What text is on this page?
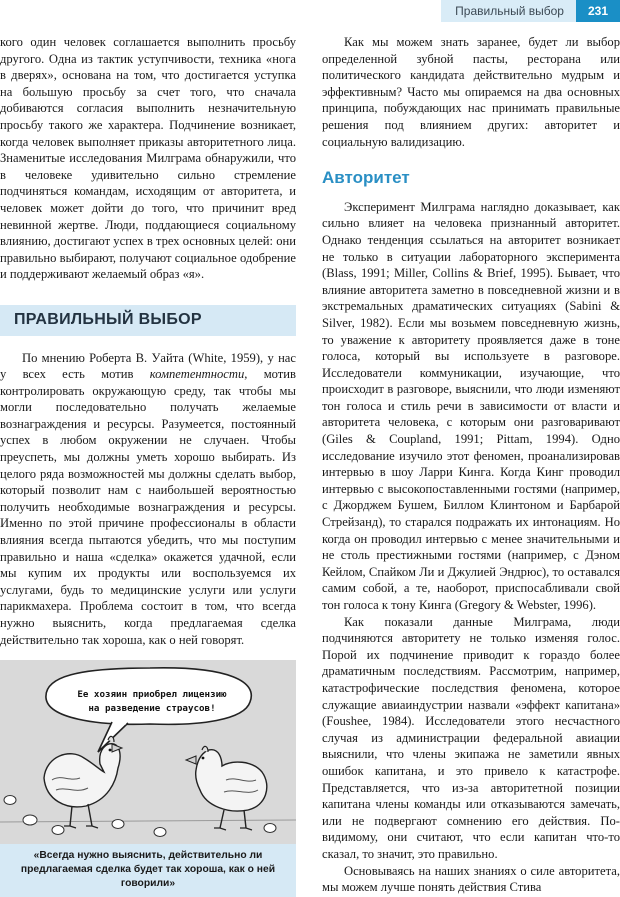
Правильный выбор	231

кого один человек соглашается выполнить просьбу другого. Одна из тактик уступчивости, техника «нога в дверях», основана на том, что достигается уступка на большую просьбу за счет того, что сначала добиваются согласия выполнить незначительную просьбу такого же характера. Подчинение возникает, когда человек выполняет приказы авторитетного лица. Знаменитые исследования Милграма обнаружили, что в человеке удивительно сильно стремление подчиняться командам, исходящим от авторитета, и человек может дойти до того, что причинит вред невинной жертве. Люди, поддающиеся социальному влиянию, достигают успех в трех основных целей: они правильно выбирают, получают социальное одобрение и поддерживают желаемый образ «я».

ПРАВИЛЬНЫЙ ВЫБОР

По мнению Роберта В. Уайта (White, 1959), у нас у всех есть мотив компетентности, мотив контролировать окружающую среду, так чтобы мы могли последовательно получать желаемые вознаграждения и ресурсы. Разумеется, постоянный успех в любом окружении не случаен. Чтобы преуспеть, мы должны уметь хорошо выбирать. Из целого ряда возможностей мы должны сделать выбор, который позволит нам с наибольшей вероятностью получить необходимые вознаграждения и ресурсы. Именно по этой причине профессионалы в области влияния всегда пытаются убедить, что мы поступим правильно и наша «сделка» окажется удачной, если мы купим их продукты или воспользуемся их услугами, будь то медицинские услуги или услуги парикмахера. Проблема состоит в том, что всегда нужно выяснить, когда предлагаемая сделка действительно так хороша, как о ней говорят.

Ее хозяин приобрел лицензию
на разведение страусов!
«Всегда нужно выяснить, действительно ли предлагаемая сделка будет так хороша, как о ней говорили»

Как мы можем знать заранее, будет ли выбор определенной зубной пасты, ресторана или политического кандидата действительно мудрым и эффективным? Часто мы опираемся на два основных принципа, побуждающих нас принимать правильные решения под влиянием других: авторитет и социальную валидизацию.

Авторитет

Эксперимент Милграма наглядно доказывает, как сильно влияет на человека признанный авторитет. Однако тенденция ссылаться на авторитет возникает не только в ситуации лабораторного эксперимента (Blass, 1991; Miller, Collins & Brief, 1995). Бывает, что влияние авторитета заметно в повседневной жизни и в экстремальных драматических ситуациях (Sabini & Silver, 1982). Если мы возьмем повседневную жизнь, то уважение к авторитету проявляется даже в тоне голоса, который вы используете в разговоре. Исследователи коммуникации, изучающие, что происходит в разговоре, выяснили, что люди изменяют тон голоса и стиль речи в зависимости от власти и авторитета человека, с которым они разговаривают (Giles & Coupland, 1991; Pittam, 1994). Одно исследование изучило этот феномен, проанализировав интервью в шоу Ларри Кинга. Когда Кинг проводил интервью с высокопоставленными гостями (например, с Джорджем Бушем, Биллом Клинтоном и Барбарой Стрейзанд), то старался подражать их интонациям. Но когда он проводил интервью с менее значительными и не столь престижными гостями (например, с Дэном Кейлом, Спайком Ли и Джулией Эндрюс), то оставался самим собой, а те, наоборот, приспосабливали свой тон голоса к тону Кинга (Gregory & Webster, 1996).

Как показали данные Милграма, люди подчиняются авторитету не только изменяя голос. Порой их подчинение приводит к гораздо более драматичным последствиям. Рассмотрим, например, катастрофические последствия феномена, которое служащие авиаиндустрии назвали «эффект капитана» (Foushee, 1984). Исследователи этого несчастного случая из администрации федеральной авиации выяснили, что члены экипажа не заметили явных ошибок капитана, и это привело к катастрофе. Представляется, что из-за авторитетной позиции капитана члены команды или отказываются замечать, или не подвергают сомнению его действия. По-видимому, они считают, что если капитан что-то сказал, то значит, это правильно.

Основываясь на наших знаниях о силе авторитета, мы можем лучше понять действия Стива
